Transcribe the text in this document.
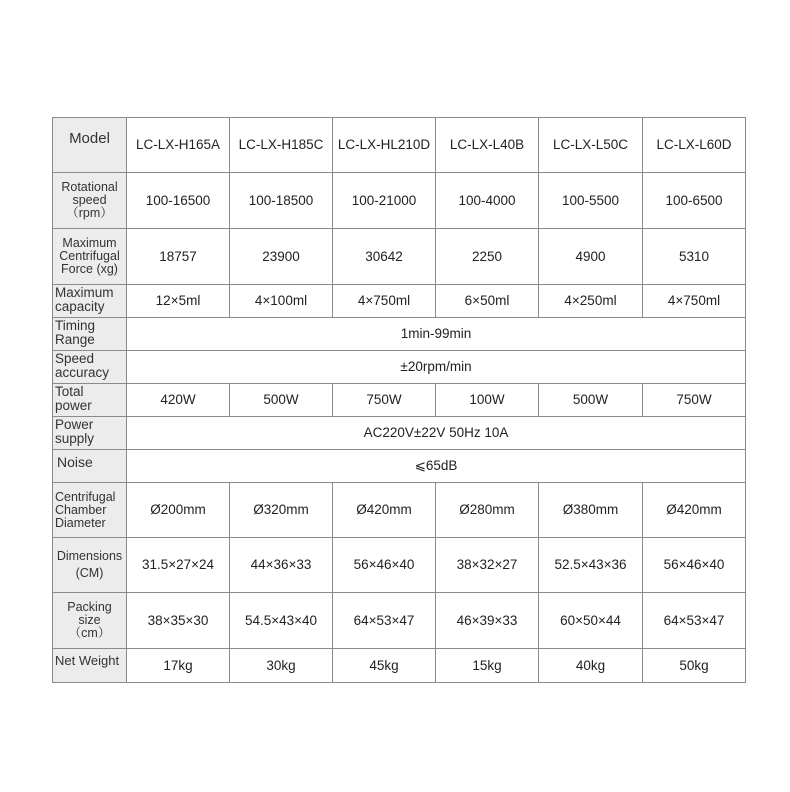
Model	LC-LX-H165A	LC-LX-H185C	LC-LX-HL210D	LC-LX-L40B	LC-LX-L50C	LC-LX-L60D

Rotational
speed
（rpm）	100-16500	100-18500	100-21000	100-4000	100-5500	100-6500

Maximum
Centrifugal
Force (xg)	18757	23900	30642	2250	4900	5310

Maximum
capacity	12×5ml	4×100ml	4×750ml	6×50ml	4×250ml	4×750ml

Timing
Range	1min-99min					

Speed
accuracy	±20rpm/min					

Total
power	420W	500W	750W	100W	500W	750W

Power
supply	AC220V±22V 50Hz 10A					
Noise	⩽65dB					

Centrifugal
Chamber
Diameter	Ø200mm	Ø320mm	Ø420mm	Ø280mm	Ø380mm	Ø420mm

Dimensions
(CM)	31.5×27×24	44×36×33	56×46×40	38×32×27	52.5×43×36	56×46×40

Packing
size
（cm）	38×35×30	54.5×43×40	64×53×47	46×39×33	60×50×44	64×53×47
Net Weight	17kg	30kg	45kg	15kg	40kg	50kg
